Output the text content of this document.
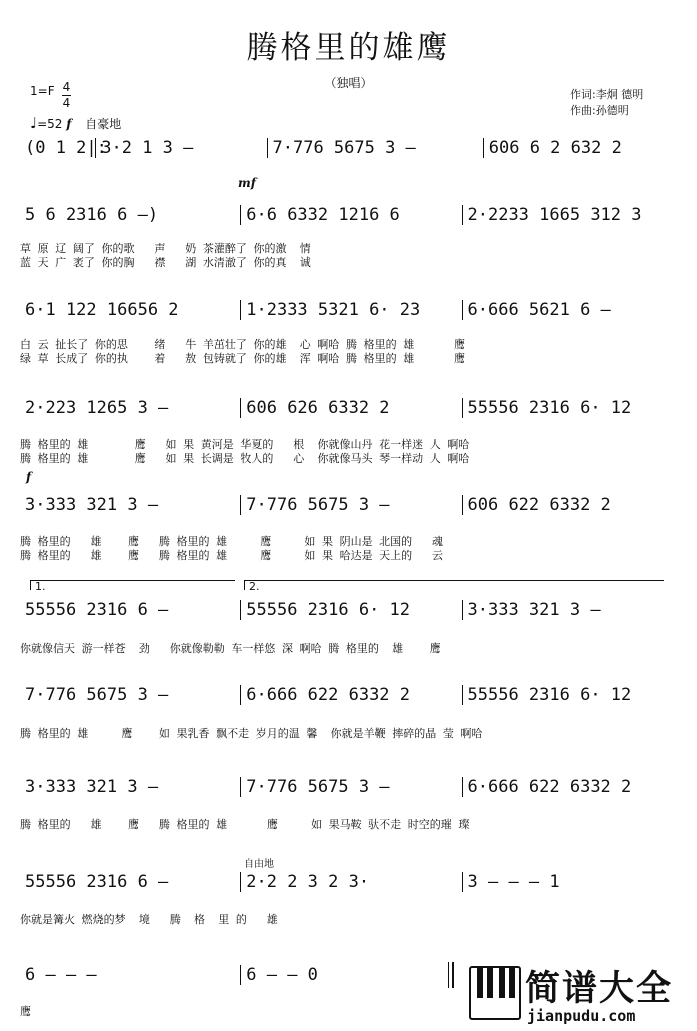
腾格里的雄鹰
（独唱）
1=F 4
4
♩=52 f 自豪地
作词:李炯 德明
作曲:孙德明
(0 1 2|: 3·2 1 3 –	7·776 5675 3 –	606 6 2 632 2
mf
5 6 2316 6 –)	6·6 6332 1216 6	2·2233 1665 312 3
草 原 辽 阔了 你的歌   声   奶 茶灌醉了 你的激  情
蓝 天 广 袤了 你的胸   襟   湖 水清澈了 你的真  诚
6·1 122 16656 2	1·2333 5321 6· 23	6·666 5621 6 –
白 云 扯长了 你的思    绪   牛 羊茁壮了 你的雄  心 啊哈 腾 格里的 雄      鹰
绿 草 长成了 你的执    着   敖 包铸就了 你的雄  浑 啊哈 腾 格里的 雄      鹰
2·223 1265 3 –	606 626 6332 2	55556 2316 6· 12
腾 格里的 雄       鹰   如 果 黄河是 华夏的   根  你就像山丹 花一样迷 人 啊哈
腾 格里的 雄       鹰   如 果 长调是 牧人的   心  你就像马头 琴一样动 人 啊哈
f
3·333 321 3 –	7·776 5675 3 –	606 622 6332 2
腾 格里的   雄    鹰   腾 格里的 雄     鹰     如 果 阴山是 北国的   魂
腾 格里的   雄    鹰   腾 格里的 雄     鹰     如 果 哈达是 天上的   云
1.	2.
55556 2316 6 –	55556 2316 6· 12	3·333 321 3 –
你就像信天 游一样苍  劲   你就像勒勒 车一样悠 深 啊哈 腾 格里的  雄    鹰
7·776 5675 3 –	6·666 622 6332 2	55556 2316 6· 12
腾 格里的 雄     鹰    如 果乳香 飘不走 岁月的温 馨  你就是羊鞭 摔碎的晶 莹 啊哈
3·333 321 3 –	7·776 5675 3 –	6·666 622 6332 2
腾 格里的   雄    鹰   腾 格里的 雄      鹰     如 果马鞍 驮不走 时空的璀 璨
自由地
55556 2316 6 –	2·2 2 3 2 3·	3 – – – 1
你就是篝火 燃烧的梦  境   腾  格  里 的   雄
6 – – –	6 – – 0
鹰
简谱大全
jianpudu.com
